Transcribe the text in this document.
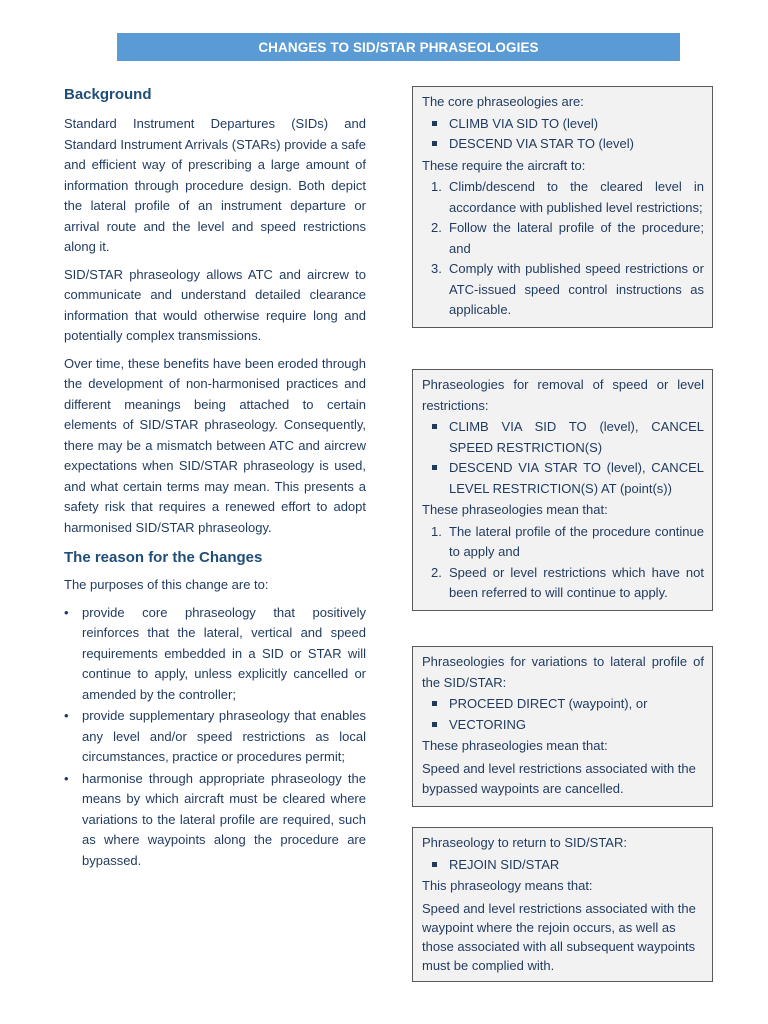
CHANGES TO SID/STAR PHRASEOLOGIES
Background

Standard Instrument Departures (SIDs) and Standard Instrument Arrivals (STARs) provide a safe and efficient way of prescribing a large amount of information through procedure design. Both depict the lateral profile of an instrument departure or arrival route and the level and speed restrictions along it.

SID/STAR phraseology allows ATC and aircrew to communicate and understand detailed clearance information that would otherwise require long and potentially complex transmissions.

Over time, these benefits have been eroded through the development of non-harmonised practices and different meanings being attached to certain elements of SID/STAR phraseology. Consequently, there may be a mismatch between ATC and aircrew expectations when SID/STAR phraseology is used, and what certain terms may mean. This presents a safety risk that requires a renewed effort to adopt harmonised SID/STAR phraseology.

The reason for the Changes

The purposes of this change are to:

• provide core phraseology that positively reinforces that the lateral, vertical and speed requirements embedded in a SID or STAR will continue to apply, unless explicitly cancelled or amended by the controller;
• provide supplementary phraseology that enables any level and/or speed restrictions as local circumstances, practice or procedures permit;
• harmonise through appropriate phraseology the means by which aircraft must be cleared where variations to the lateral profile are required, such as where waypoints along the procedure are bypassed.

The core phraseologies are:

CLIMB VIA SID TO (level)
DESCEND VIA STAR TO (level)

These require the aircraft to:

1. Climb/descend to the cleared level in accordance with published level restrictions;
2. Follow the lateral profile of the procedure; and
3. Comply with published speed restrictions or ATC-issued speed control instructions as applicable.

Phraseologies for removal of speed or level restrictions:

CLIMB VIA SID TO (level), CANCEL SPEED RESTRICTION(S)
DESCEND VIA STAR TO (level), CANCEL LEVEL RESTRICTION(S) AT (point(s))

These phraseologies mean that:

1. The lateral profile of the procedure continue to apply and
2. Speed or level restrictions which have not been referred to will continue to apply.

Phraseologies for variations to lateral profile of the SID/STAR:

PROCEED DIRECT (waypoint), or
VECTORING

These phraseologies mean that:

Speed and level restrictions associated with the bypassed waypoints are cancelled.

Phraseology to return to SID/STAR:

REJOIN SID/STAR

This phraseology means that:

Speed and level restrictions associated with the waypoint where the rejoin occurs, as well as those associated with all subsequent waypoints must be complied with.
